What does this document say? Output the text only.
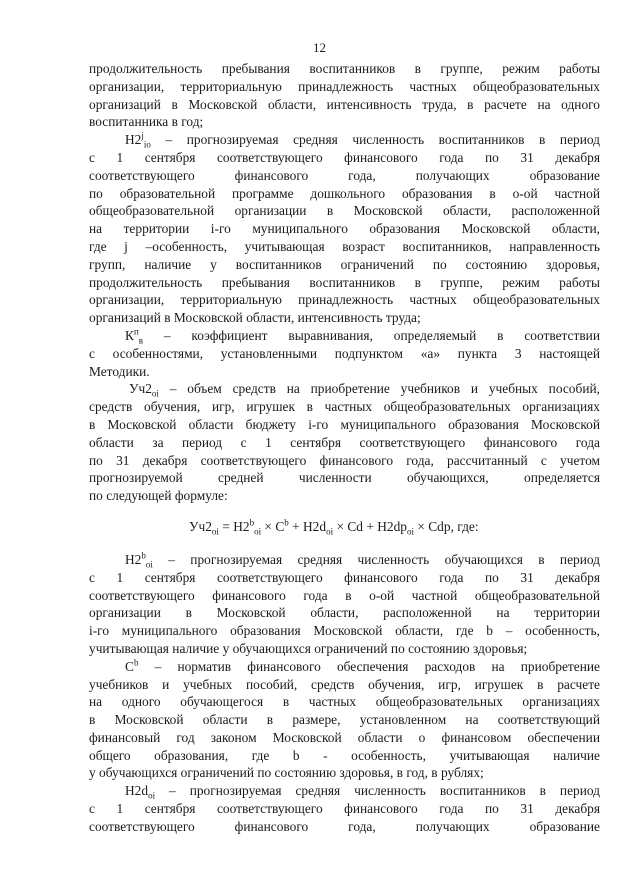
12
продолжительность пребывания воспитанников в группе, режим работы
организации, территориальную принадлежность частных общеобразовательных
организаций в Московской области, интенсивность труда, в расчете на одного
воспитанника в год;
$Н2^j_{io}$ – прогнозируемая средняя численность воспитанников в период
с 1 сентября соответствующего финансового года по 31 декабря
соответствующего финансового года, получающих образование
по образовательной программе дошкольного образования в о-ой частной
общеобразовательной организации в Московской области, расположенной
на территории i-го муниципального образования Московской области,
где j –особенность, учитывающая возраст воспитанников, направленность
групп, наличие у воспитанников ограничений по состоянию здоровья,
продолжительность пребывания воспитанников в группе, режим работы
организации, территориальную принадлежность частных общеобразовательных
организаций в Московской области, интенсивность труда;
$К^п_в$ – коэффициент выравнивания, определяемый в соответствии
с особенностями, установленными подпунктом «а» пункта 3 настоящей
Методики.
$Уч2_{oi}$ – объем средств на приобретение учебников и учебных пособий,
средств обучения, игр, игрушек в частных общеобразовательных организациях
в Московской области бюджету i-го муниципального образования Московской
области за период с 1 сентября соответствующего финансового года
по 31 декабря соответствующего финансового года, рассчитанный с учетом
прогнозируемой средней численности обучающихся, определяется
по следующей формуле:
$Уч2_{oi} = Н2^b_{oi} \times С^b + Н2d_{oi} \times Cd + Н2dp_{oi}$ × Cdp, где:
$Н2^b_{oi}$ – прогнозируемая средняя численность обучающихся в период
с 1 сентября соответствующего финансового года по 31 декабря
соответствующего финансового года в о-ой частной общеобразовательной
организации в Московской области, расположенной на территории
i-го муниципального образования Московской области, где b – особенность,
учитывающая наличие у обучающихся ограничений по состоянию здоровья;
$С^b$ – норматив финансового обеспечения расходов на приобретение
учебников и учебных пособий, средств обучения, игр, игрушек в расчете
на одного обучающегося в частных общеобразовательных организациях
в Московской области в размере, установленном на соответствующий
финансовый год законом Московской области о финансовом обеспечении
общего образования, где b - особенность, учитывающая наличие
у обучающихся ограничений по состоянию здоровья, в год, в рублях;
$Н2d_{oi}$ – прогнозируемая средняя численность воспитанников в период
с 1 сентября соответствующего финансового года по 31 декабря
соответствующего финансового года, получающих образование
